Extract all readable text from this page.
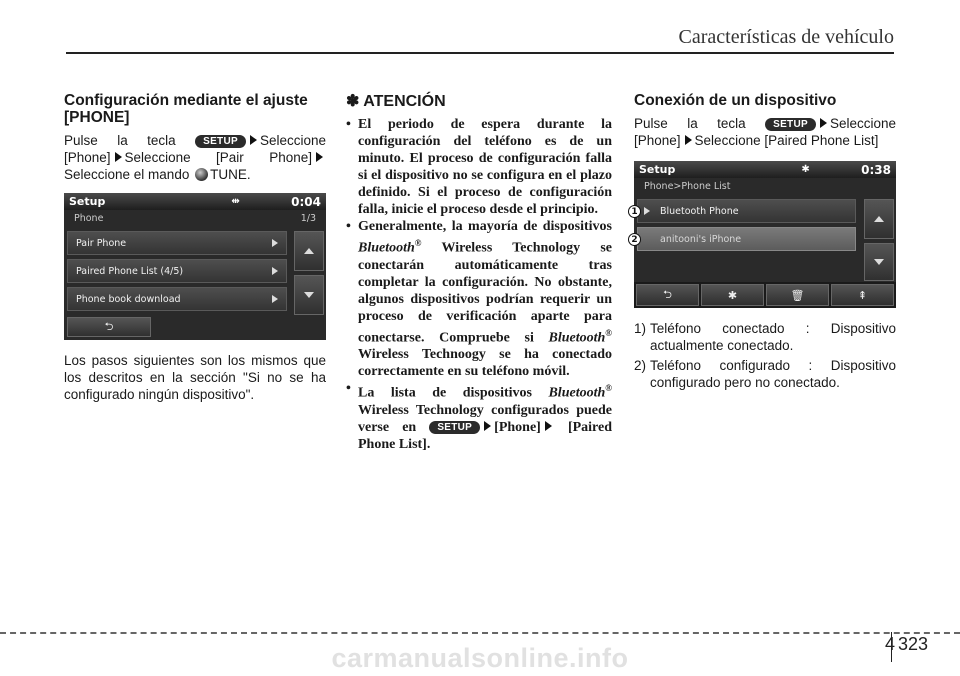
Características de vehículo
Configuración mediante el ajuste [PHONE]
Pulse la tecla	SETUP Seleccione [Phone] Seleccione [Pair Phone] Seleccione el mando TUNE.
Setup	⇹	0:04
Phone	1/3
Pair Phone
Paired Phone List (4/5)
Phone book download
⮌
Los pasos siguientes son los mismos que los descritos en la sección "Si no se ha configurado ningún dispositivo".
✽ ATENCIÓN
• El periodo de espera durante la configuración del teléfono es de un minuto. El proceso de configuración falla si el dispositivo no se configura en el plazo definido. Si el proceso de configuración falla, inicie el proceso desde el principio.
• Generalmente, la mayoría de dispositivos Bluetooth® Wireless Technology se conectarán automáticamente tras completar la configuración. No obstante, algunos dispositivos podrían requerir un proceso de verificación aparte para conectarse. Compruebe si Bluetooth® Wireless Technoogy se ha conectado correctamente en su teléfono móvil.
• La lista de dispositivos Bluetooth® Wireless Technology configurados puede verse en SETUP [Phone] [Paired Phone List].
Conexión de un dispositivo
Pulse la tecla	SETUP Seleccione [Phone] Seleccione [Paired Phone List]
Setup	✱	0:38
Phone>Phone List
Bluetooth Phone
anitooni's iPhone
⮌	✱	🗑	⇞
1
2
1) Teléfono conectado : Dispositivo
actualmente conectado.
2) Teléfono configurado : Dispositivo
configurado pero no conectado.
4 323
carmanualsonline.info
